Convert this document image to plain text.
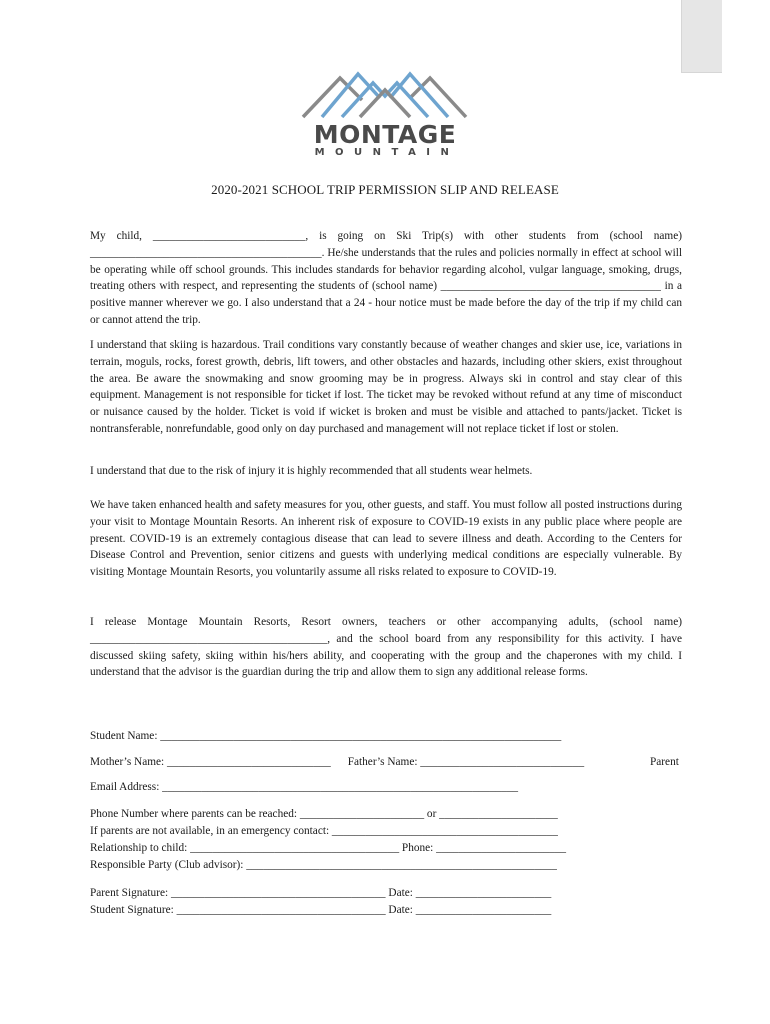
MONTAGE
MOUNTAIN
2020-2021 SCHOOL TRIP PERMISSION SLIP AND RELEASE

My child, ___________________________, is going on Ski Trip(s) with other students from (school name) _________________________________________. He/she understands that the rules and policies normally in effect at school will be operating while off school grounds. This includes standards for behavior regarding alcohol, vulgar language, smoking, drugs, treating others with respect, and representing the students of (school name) _______________________________________ in a positive manner wherever we go. I also understand that a 24 - hour notice must be made before the day of the trip if my child can or cannot attend the trip.

I understand that skiing is hazardous. Trail conditions vary constantly because of weather changes and skier use, ice, variations in terrain, moguls, rocks, forest growth, debris, lift towers, and other obstacles and hazards, including other skiers, exist throughout the area. Be aware the snowmaking and snow grooming may be in progress. Always ski in control and stay clear of this equipment. Management is not responsible for ticket if lost. The ticket may be revoked without refund at any time of misconduct or nuisance caused by the holder. Ticket is void if wicket is broken and must be visible and attached to pants/jacket. Ticket is nontransferable, nonrefundable, good only on day purchased and management will not replace ticket if lost or stolen.

I understand that due to the risk of injury it is highly recommended that all students wear helmets.

We have taken enhanced health and safety measures for you, other guests, and staff. You must follow all posted instructions during your visit to Montage Mountain Resorts. An inherent risk of exposure to COVID-19 exists in any public place where people are present. COVID-19 is an extremely contagious disease that can lead to severe illness and death. According to the Centers for Disease Control and Prevention, senior citizens and guests with underlying medical conditions are especially vulnerable. By visiting Montage Mountain Resorts, you voluntarily assume all risks related to exposure to COVID-19.

I release Montage Mountain Resorts, Resort owners, teachers or other accompanying adults, (school name) __________________________________________, and the school board from any responsibility for this activity. I have discussed skiing safety, skiing within his/hers ability, and cooperating with the group and the chaperones with my child. I understand that the advisor is the guardian during the trip and allow them to sign any additional release forms.

Student Name: _______________________________________________________________________
Mother’s Name: _____________________________      Father’s Name: _____________________________	Parent
Email Address: _______________________________________________________________
Phone Number where parents can be reached: ______________________ or _____________________
If parents are not available, in an emergency contact: ________________________________________
Relationship to child: _____________________________________ Phone: _______________________
Responsible Party (Club advisor): _______________________________________________________
Parent Signature: ______________________________________ Date: ________________________
Student Signature: _____________________________________ Date: ________________________
